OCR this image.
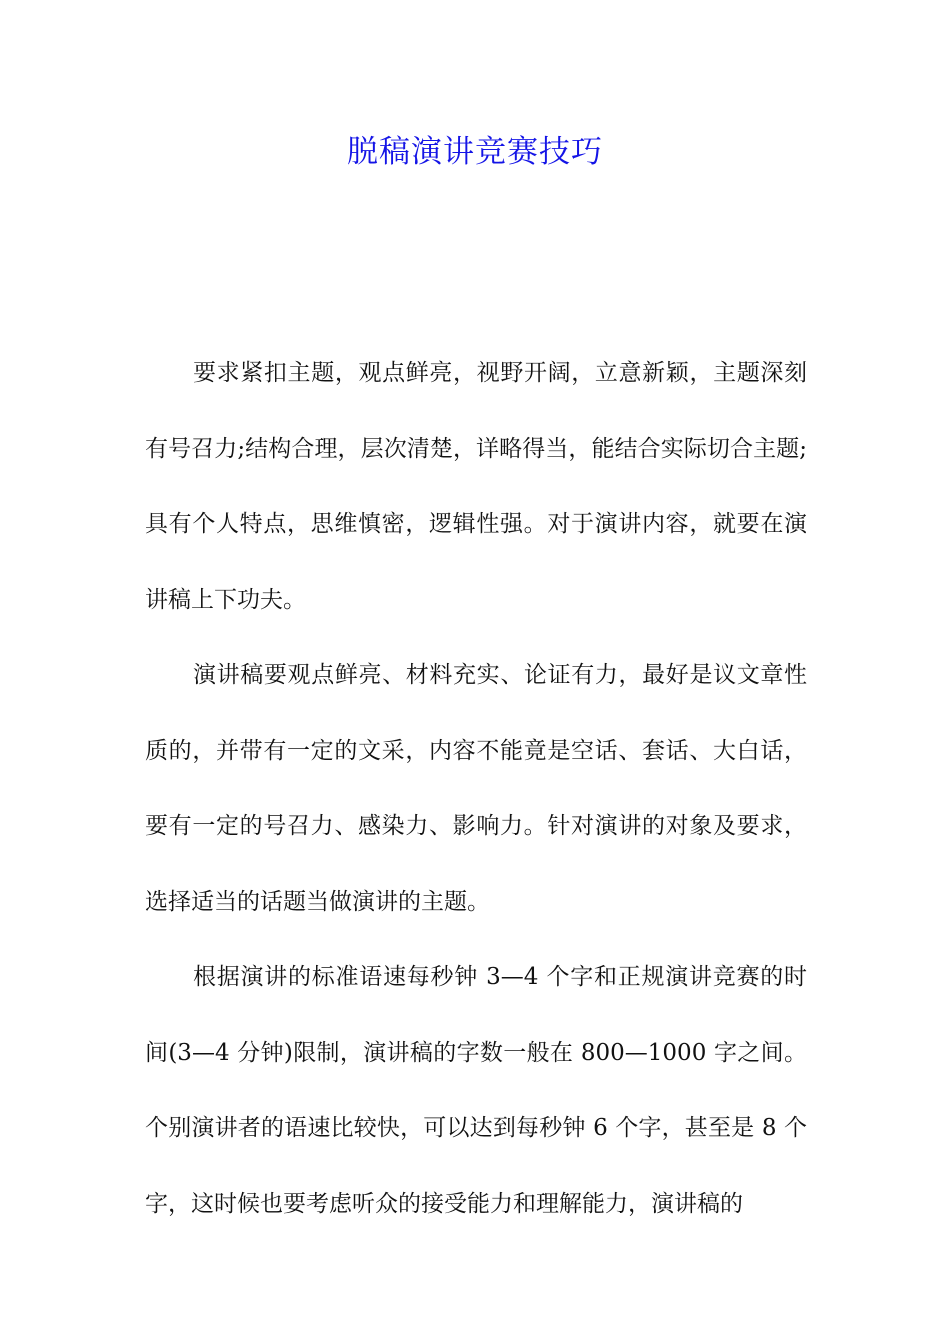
脱稿演讲竞赛技巧

要求紧扣主题，观点鲜亮，视野开阔，立意新颖，主题深刻有号召力;结构合理，层次清楚，详略得当，能结合实际切合主题;具有个人特点，思维慎密，逻辑性强。对于演讲内容，就要在演讲稿上下功夫。

演讲稿要观点鲜亮、材料充实、论证有力，最好是议文章性质的，并带有一定的文采，内容不能竟是空话、套话、大白话，要有一定的号召力、感染力、影响力。针对演讲的对象及要求，选择适当的话题当做演讲的主题。

根据演讲的标准语速每秒钟 3—4 个字和正规演讲竞赛的时间(3—4 分钟)限制，演讲稿的字数一般在 800—1000 字之间。个别演讲者的语速比较快，可以达到每秒钟 6 个字，甚至是 8 个字，这时候也要考虑听众的接受能力和理解能力，演讲稿的
